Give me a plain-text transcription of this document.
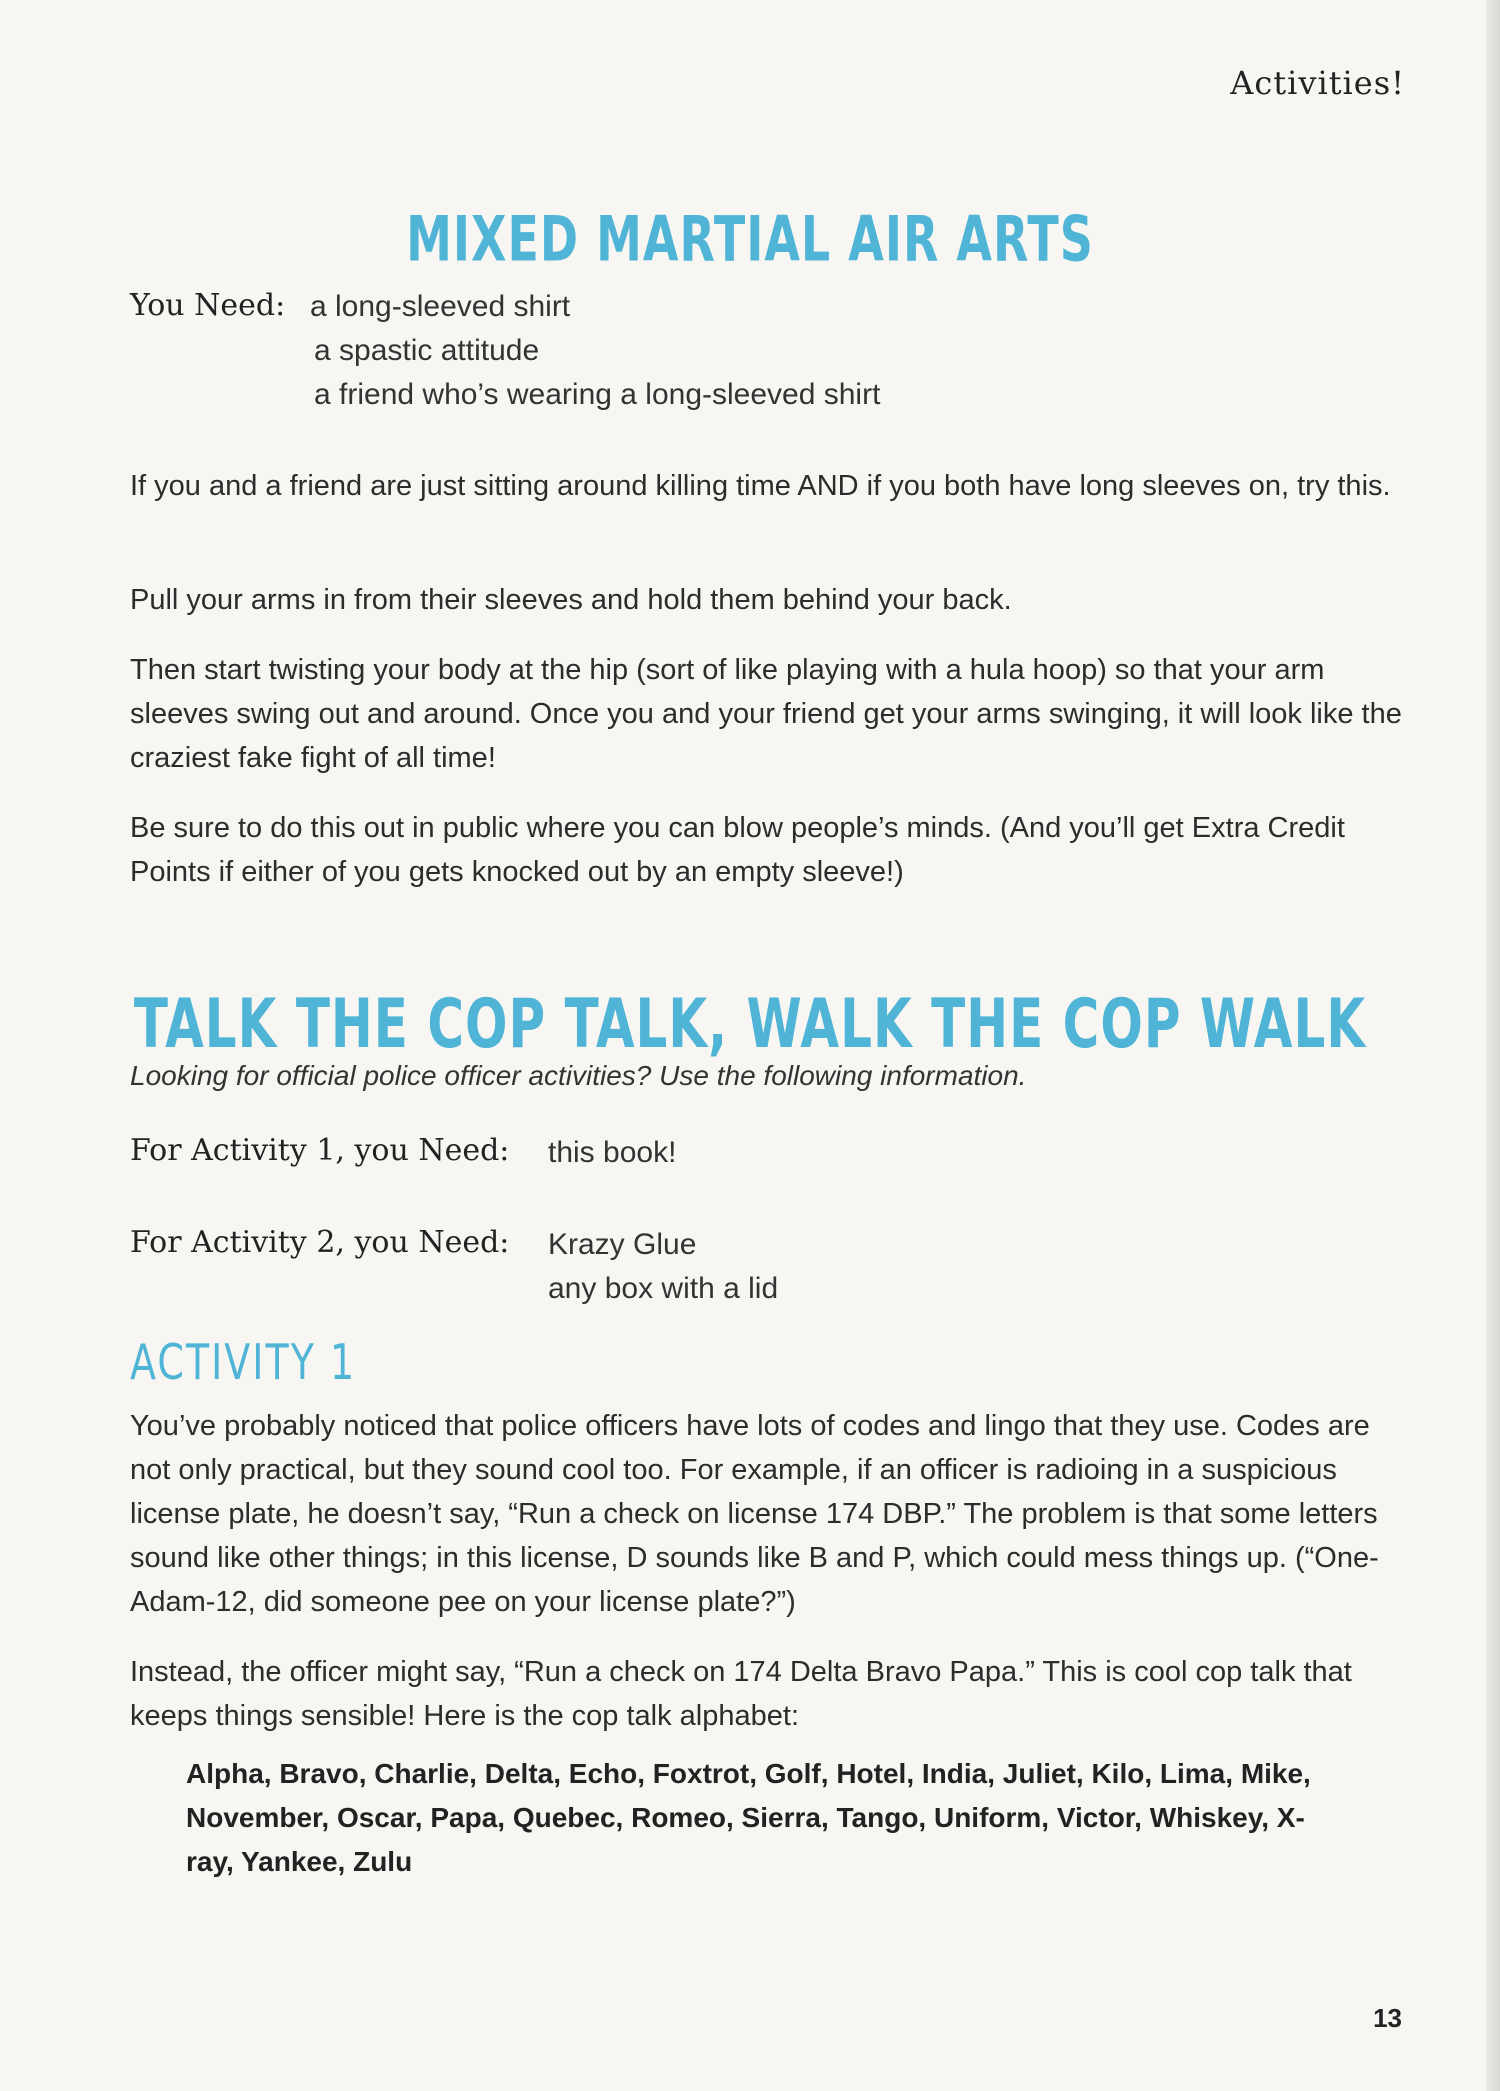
Activities!
MIXED MARTIAL AIR ARTS
You Need: a long-sleeved shirt
a spastic attitude
a friend who’s wearing a long-sleeved shirt
If you and a friend are just sitting around killing time AND if you both have long sleeves on, try this.
Pull your arms in from their sleeves and hold them behind your back.
Then start twisting your body at the hip (sort of like playing with a hula hoop) so that your arm sleeves swing out and around. Once you and your friend get your arms swinging, it will look like the craziest fake fight of all time!
Be sure to do this out in public where you can blow people’s minds. (And you’ll get Extra Credit Points if either of you gets knocked out by an empty sleeve!)
TALK THE COP TALK, WALK THE COP WALK
Looking for official police officer activities? Use the following information.
For Activity 1, you Need: this book!
For Activity 2, you Need: Krazy Glue
any box with a lid
ACTIVITY 1
You’ve probably noticed that police officers have lots of codes and lingo that they use. Codes are not only practical, but they sound cool too. For example, if an officer is radioing in a suspicious license plate, he doesn’t say, “Run a check on license 174 DBP.” The problem is that some letters sound like other things; in this license, D sounds like B and P, which could mess things up. (“One-Adam-12, did someone pee on your license plate?”)
Instead, the officer might say, “Run a check on 174 Delta Bravo Papa.” This is cool cop talk that keeps things sensible! Here is the cop talk alphabet:
Alpha, Bravo, Charlie, Delta, Echo, Foxtrot, Golf, Hotel, India, Juliet, Kilo, Lima, Mike, November, Oscar, Papa, Quebec, Romeo, Sierra, Tango, Uniform, Victor, Whiskey, X-ray, Yankee, Zulu
13
